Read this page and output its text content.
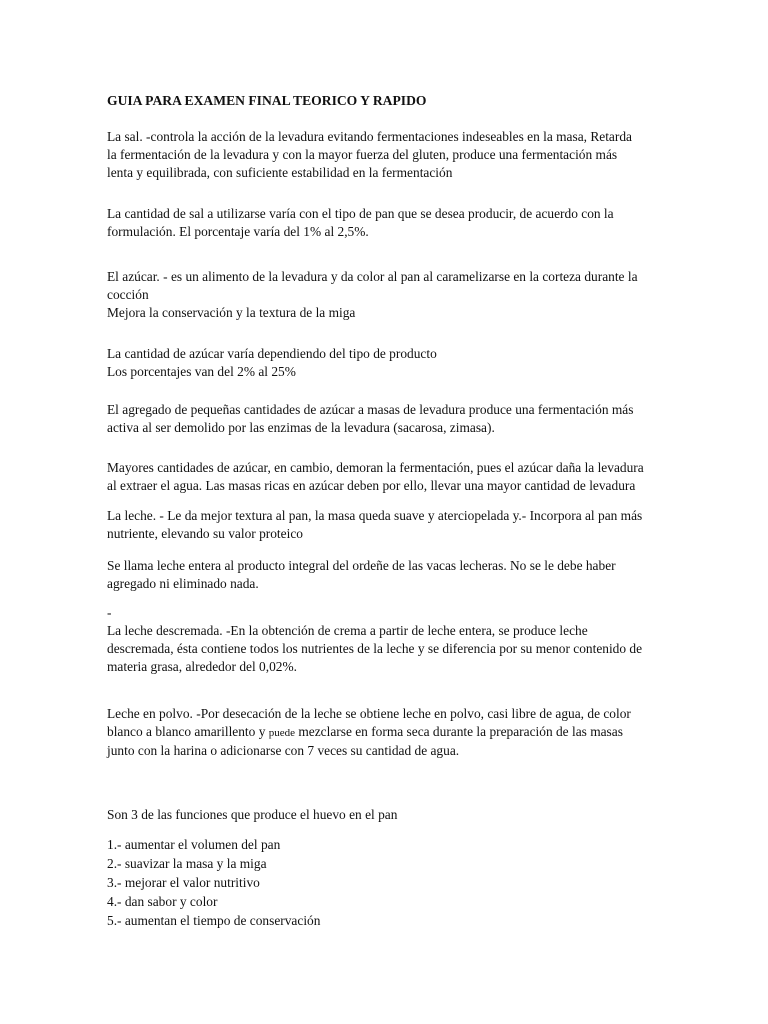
GUIA PARA EXAMEN FINAL TEORICO Y RAPIDO
La sal. -controla la acción de la levadura evitando fermentaciones indeseables en la masa, Retarda
la fermentación de la levadura y con la mayor fuerza del gluten, produce una fermentación más
lenta y equilibrada, con suficiente estabilidad en la fermentación
La cantidad de sal a utilizarse varía con el tipo de pan que se desea producir, de acuerdo con la
formulación. El porcentaje varía del 1% al 2,5%.
El azúcar. - es un alimento de la levadura y da color al pan al caramelizarse en la corteza durante la
cocción
Mejora la conservación y la textura de la miga
La cantidad de azúcar varía dependiendo del tipo de producto
Los porcentajes van del 2% al 25%
El agregado de pequeñas cantidades de azúcar a masas de levadura produce una fermentación más
activa al ser demolido por las enzimas de la levadura (sacarosa, zimasa).
Mayores cantidades de azúcar, en cambio, demoran la fermentación, pues el azúcar daña la levadura
al extraer el agua. Las masas ricas en azúcar deben por ello, llevar una mayor cantidad de levadura
La leche. - Le da mejor textura al pan, la masa queda suave y aterciopelada y.- Incorpora al pan más
nutriente, elevando su valor proteico
Se llama leche entera al producto integral del ordeñe de las vacas lecheras. No se le debe haber
agregado ni eliminado nada.
-
La leche descremada. -En la obtención de crema a partir de leche entera, se produce leche
descremada, ésta contiene todos los nutrientes de la leche y se diferencia por su menor contenido de
materia grasa, alrededor del 0,02%.
Leche en polvo. -Por desecación de la leche se obtiene leche en polvo, casi libre de agua, de color
blanco a blanco amarillento y puede mezclarse en forma seca durante la preparación de las masas
junto con la harina o adicionarse con 7 veces su cantidad de agua.
Son 3 de las funciones que produce el huevo en el pan
1.- aumentar el volumen del pan
2.- suavizar la masa y la miga
3.- mejorar el valor nutritivo
4.- dan sabor y color
5.- aumentan el tiempo de conservación
